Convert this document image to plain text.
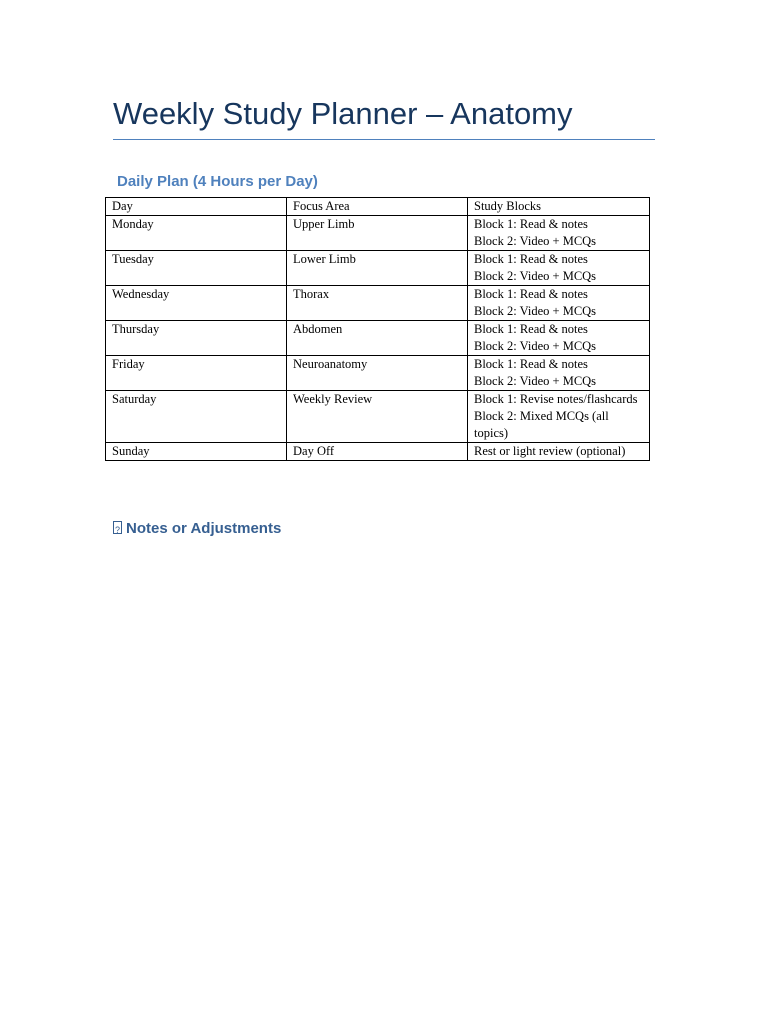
Weekly Study Planner – Anatomy
Daily Plan (4 Hours per Day)
Day	Focus Area	Study Blocks
Monday	Upper Limb	Block 1: Read & notes
Block 2: Video + MCQs
Tuesday	Lower Limb	Block 1: Read & notes
Block 2: Video + MCQs
Wednesday	Thorax	Block 1: Read & notes
Block 2: Video + MCQs
Thursday	Abdomen	Block 1: Read & notes
Block 2: Video + MCQs
Friday	Neuroanatomy	Block 1: Read & notes
Block 2: Video + MCQs
Saturday	Weekly Review	Block 1: Revise notes/flashcards
Block 2: Mixed MCQs (all topics)
Sunday	Day Off	Rest or light review (optional)
?Notes or Adjustments
